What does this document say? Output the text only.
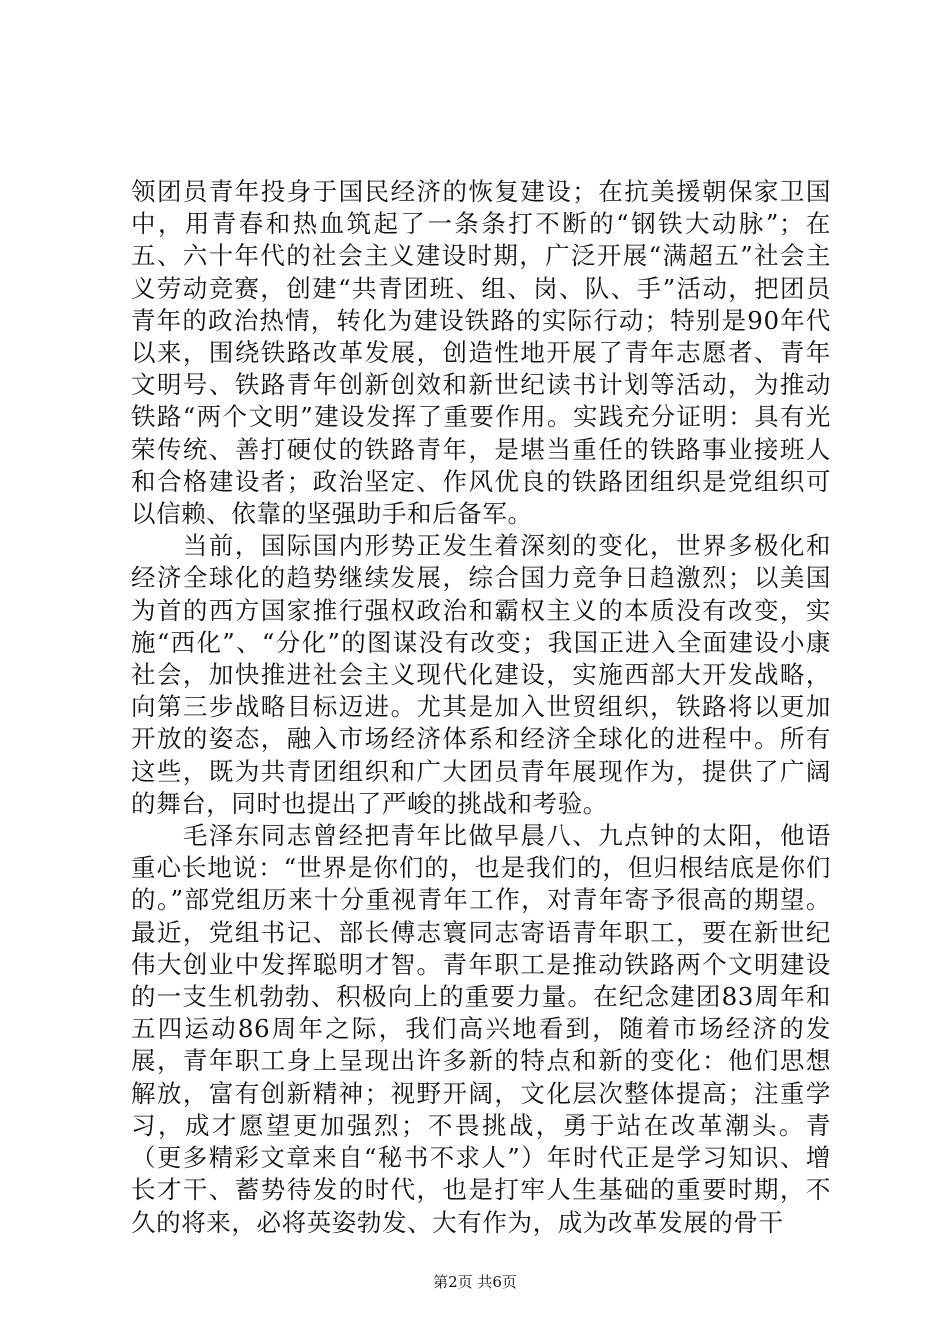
领团员青年投身于国民经济的恢复建设；在抗美援朝保家卫国中，用青春和热血筑起了一条条打不断的“钢铁大动脉”；在五、六十年代的社会主义建设时期，广泛开展“满超五”社会主义劳动竞赛，创建“共青团班、组、岗、队、手”活动，把团员青年的政治热情，转化为建设铁路的实际行动；特别是90年代以来，围绕铁路改革发展，创造性地开展了青年志愿者、青年文明号、铁路青年创新创效和新世纪读书计划等活动，为推动铁路“两个文明”建设发挥了重要作用。实践充分证明：具有光荣传统、善打硬仗的铁路青年，是堪当重任的铁路事业接班人和合格建设者；政治坚定、作风优良的铁路团组织是党组织可以信赖、依靠的坚强助手和后备军。

　　当前，国际国内形势正发生着深刻的变化，世界多极化和经济全球化的趋势继续发展，综合国力竞争日趋激烈；以美国为首的西方国家推行强权政治和霸权主义的本质没有改变，实施“西化”、“分化”的图谋没有改变；我国正进入全面建设小康社会，加快推进社会主义现代化建设，实施西部大开发战略，向第三步战略目标迈进。尤其是加入世贸组织，铁路将以更加开放的姿态，融入市场经济体系和经济全球化的进程中。所有这些，既为共青团组织和广大团员青年展现作为，提供了广阔的舞台，同时也提出了严峻的挑战和考验。

　　毛泽东同志曾经把青年比做早晨八、九点钟的太阳，他语重心长地说：“世界是你们的，也是我们的，但归根结底是你们的。”部党组历来十分重视青年工作，对青年寄予很高的期望。最近，党组书记、部长傅志寰同志寄语青年职工，要在新世纪伟大创业中发挥聪明才智。青年职工是推动铁路两个文明建设的一支生机勃勃、积极向上的重要力量。在纪念建团83周年和五四运动86周年之际，我们高兴地看到，随着市场经济的发展，青年职工身上呈现出许多新的特点和新的变化：他们思想解放，富有创新精神；视野开阔，文化层次整体提高；注重学习，成才愿望更加强烈；不畏挑战，勇于站在改革潮头。青（更多精彩文章来自“秘书不求人”）年时代正是学习知识、增长才干、蓄势待发的时代，也是打牢人生基础的重要时期，不久的将来，必将英姿勃发、大有作为，成为改革发展的骨干

第2页 共6页
